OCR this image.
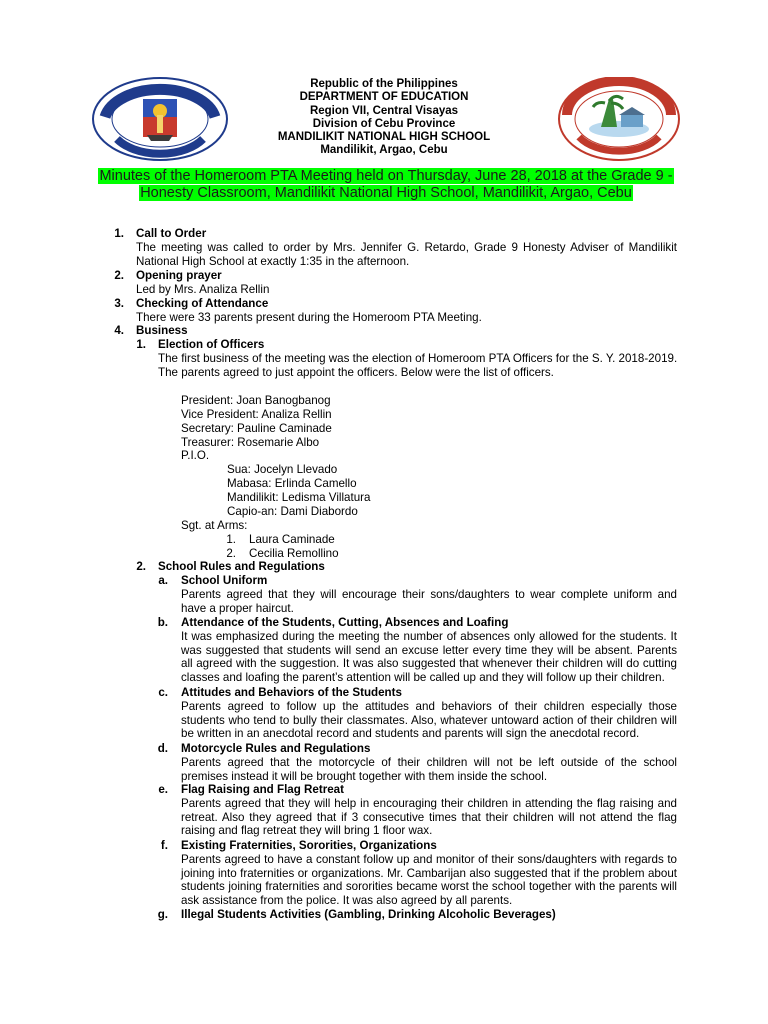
Republic of the Philippines
DEPARTMENT OF EDUCATION
Region VII, Central Visayas
Division of Cebu Province
MANDILIKIT NATIONAL HIGH SCHOOL
Mandilikit, Argao, Cebu
Minutes of the Homeroom PTA Meeting held on Thursday, June 28, 2018 at the Grade 9 -
Honesty Classroom, Mandilikit National High School, Mandilikit, Argao, Cebu
1. Call to Order
The meeting was called to order by Mrs. Jennifer G. Retardo, Grade 9 Honesty Adviser of Mandilikit National High School at exactly 1:35 in the afternoon.
2. Opening prayer
Led by Mrs. Analiza Rellin
3. Checking of Attendance
There were 33 parents present during the Homeroom PTA Meeting.
4. Business
1. Election of Officers
The first business of the meeting was the election of Homeroom PTA Officers for the S. Y. 2018-2019.
The parents agreed to just appoint the officers. Below were the list of officers.
President: Joan Banogbanog
Vice President: Analiza Rellin
Secretary: Pauline Caminade
Treasurer: Rosemarie Albo
P.I.O.
Sua: Jocelyn Llevado
Mabasa: Erlinda Camello
Mandilikit: Ledisma Villatura
Capio-an: Dami Diabordo
Sgt. at Arms:
1. Laura Caminade
2. Cecilia Remollino
2. School Rules and Regulations
a. School Uniform
Parents agreed that they will encourage their sons/daughters to wear complete uniform and have a proper haircut.
b. Attendance of the Students, Cutting, Absences and Loafing
It was emphasized during the meeting the number of absences only allowed for the students. It was suggested that students will send an excuse letter every time they will be absent. Parents all agreed with the suggestion. It was also suggested that whenever their children will do cutting classes and loafing the parent’s attention will be called up and they will follow up their children.
c. Attitudes and Behaviors of the Students
Parents agreed to follow up the attitudes and behaviors of their children especially those students who tend to bully their classmates. Also, whatever untoward action of their children will be written in an anecdotal record and students and parents will sign the anecdotal record.
d. Motorcycle Rules and Regulations
Parents agreed that the motorcycle of their children will not be left outside of the school premises instead it will be brought together with them inside the school.
e. Flag Raising and Flag Retreat
Parents agreed that they will help in encouraging their children in attending the flag raising and retreat. Also they agreed that if 3 consecutive times that their children will not attend the flag raising and flag retreat they will bring 1 floor wax.
f. Existing Fraternities, Sororities, Organizations
Parents agreed to have a constant follow up and monitor of their sons/daughters with regards to joining into fraternities or organizations. Mr. Cambarijan also suggested that if the problem about students joining fraternities and sororities became worst the school together with the parents will ask assistance from the police. It was also agreed by all parents.
g. Illegal Students Activities (Gambling, Drinking Alcoholic Beverages)
